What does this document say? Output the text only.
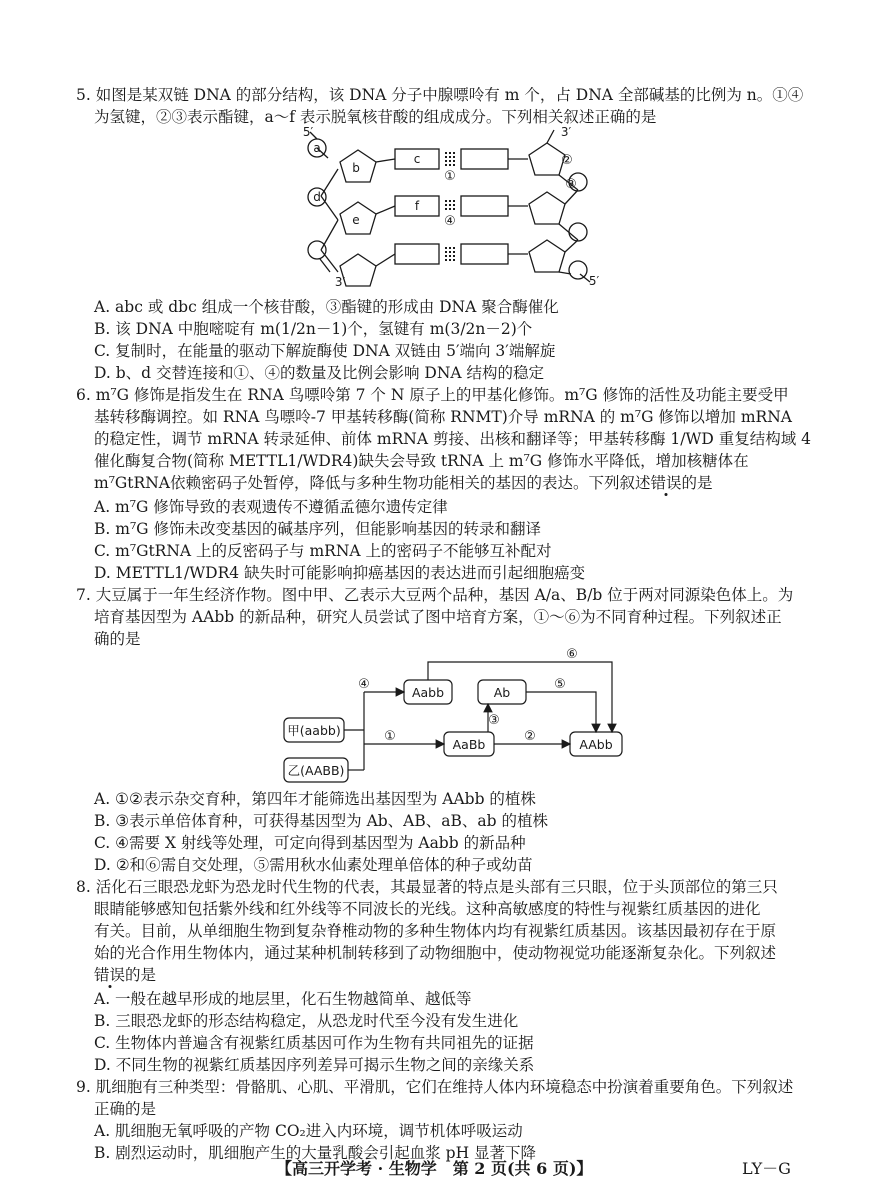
5. 如图是某双链 DNA 的部分结构，该 DNA 分子中腺嘌呤有 m 个，占 DNA 全部碱基的比例为 n。①④
为氢键，②③表示酯键，a～f 表示脱氧核苷酸的组成成分。下列相关叙述正确的是
a
b
c
d
e
f
①
④
②
③
5′	3′
3′	5′
A. abc 或 dbc 组成一个核苷酸，③酯键的形成由 DNA 聚合酶催化
B. 该 DNA 中胞嘧啶有 m(1/2n－1)个，氢键有 m(3/2n－2)个
C. 复制时，在能量的驱动下解旋酶使 DNA 双链由 5′端向 3′端解旋
D. b、d 交替连接和①、④的数量及比例会影响 DNA 结构的稳定
6. m⁷G 修饰是指发生在 RNA 鸟嘌呤第 7 个 N 原子上的甲基化修饰。m⁷G 修饰的活性及功能主要受甲
基转移酶调控。如 RNA 鸟嘌呤-7 甲基转移酶(简称 RNMT)介导 mRNA 的 m⁷G 修饰以增加 mRNA
的稳定性，调节 mRNA 转录延伸、前体 mRNA 剪接、出核和翻译等；甲基转移酶 1/WD 重复结构域 4
催化酶复合物(简称 METTL1/WDR4)缺失会导致 tRNA 上 m⁷G 修饰水平降低，增加核糖体在
m⁷GtRNA依赖密码子处暂停，降低与多种生物功能相关的基因的表达。下列叙述错误的是
A. m⁷G 修饰导致的表观遗传不遵循孟德尔遗传定律
B. m⁷G 修饰未改变基因的碱基序列，但能影响基因的转录和翻译
C. m⁷GtRNA 上的反密码子与 mRNA 上的密码子不能够互补配对
D. METTL1/WDR4 缺失时可能影响抑癌基因的表达进而引起细胞癌变
7. 大豆属于一年生经济作物。图中甲、乙表示大豆两个品种，基因 A/a、B/b 位于两对同源染色体上。为
培育基因型为 AAbb 的新品种，研究人员尝试了图中培育方案，①～⑥为不同育种过程。下列叙述正
确的是
甲(aabb)
乙(AABB)
Aabb	Ab
AaBb	AAbb
④
①	②
③
⑤
⑥
A. ①②表示杂交育种，第四年才能筛选出基因型为 AAbb 的植株
B. ③表示单倍体育种，可获得基因型为 Ab、AB、aB、ab 的植株
C. ④需要 X 射线等处理，可定向得到基因型为 Aabb 的新品种
D. ②和⑥需自交处理，⑤需用秋水仙素处理单倍体的种子或幼苗
8. 活化石三眼恐龙虾为恐龙时代生物的代表，其最显著的特点是头部有三只眼，位于头顶部位的第三只
眼睛能够感知包括紫外线和红外线等不同波长的光线。这种高敏感度的特性与视紫红质基因的进化
有关。目前，从单细胞生物到复杂脊椎动物的多种生物体内均有视紫红质基因。该基因最初存在于原
始的光合作用生物体内，通过某种机制转移到了动物细胞中，使动物视觉功能逐渐复杂化。下列叙述
错误的是
A. 一般在越早形成的地层里，化石生物越简单、越低等
B. 三眼恐龙虾的形态结构稳定，从恐龙时代至今没有发生进化
C. 生物体内普遍含有视紫红质基因可作为生物有共同祖先的证据
D. 不同生物的视紫红质基因序列差异可揭示生物之间的亲缘关系
9. 肌细胞有三种类型：骨骼肌、心肌、平滑肌，它们在维持人体内环境稳态中扮演着重要角色。下列叙述
正确的是
A. 肌细胞无氧呼吸的产物 CO₂进入内环境，调节机体呼吸运动
B. 剧烈运动时，肌细胞产生的大量乳酸会引起血浆 pH 显著下降
【高三开学考 · 生物学　第 2 页(共 6 页)】	LY－G
